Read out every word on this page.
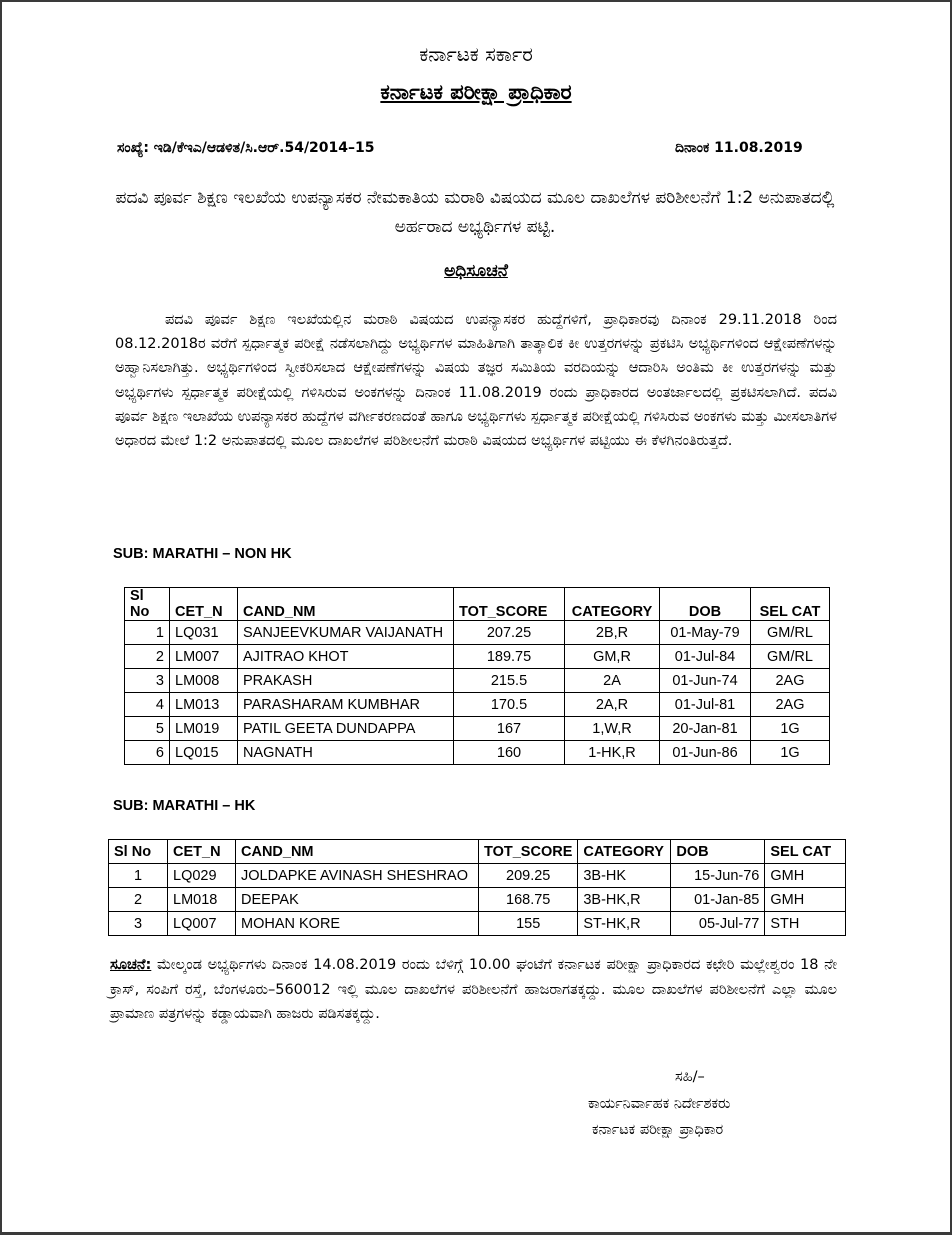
ಕರ್ನಾಟಕ ಸರ್ಕಾರ
ಕರ್ನಾಟಕ ಪರೀಕ್ಷಾ ಪ್ರಾಧಿಕಾರ
ಸಂಖ್ಯೆ: ಇಡಿ/ಕೆಇಎ/ಆಡಳಿತ/ಸಿ.ಆರ್.54/2014–15	ದಿನಾಂಕ 11.08.2019
ಪದವಿ ಪೂರ್ವ ಶಿಕ್ಷಣ ಇಲಖೆಯ ಉಪನ್ಯಾಸಕರ ನೇಮಕಾತಿಯ ಮರಾಠಿ ವಿಷಯದ ಮೂಲ ದಾಖಲೆಗಳ ಪರಿಶೀಲನೆಗೆ 1:2 ಅನುಪಾತದಲ್ಲಿ ಅರ್ಹರಾದ ಅಭ್ಯರ್ಥಿಗಳ ಪಟ್ಟಿ.
ಅಧಿಸೂಚನೆ
ಪದವಿ ಪೂರ್ವ ಶಿಕ್ಷಣ ಇಲಖೆಯಲ್ಲಿನ ಮರಾಠಿ ವಿಷಯದ ಉಪನ್ಯಾಸಕರ ಹುದ್ದೆಗಳಿಗೆ, ಪ್ರಾಧಿಕಾರವು ದಿನಾಂಕ 29.11.2018 ರಿಂದ 08.12.2018ರ ವರೆಗೆ ಸ್ಪರ್ಧಾತ್ಮಕ ಪರೀಕ್ಷೆ ನಡೆಸಲಾಗಿದ್ದು ಅಭ್ಯರ್ಥಿಗಳ ಮಾಹಿತಿಗಾಗಿ ತಾತ್ಕಾಲಿಕ ಕೀ ಉತ್ತರಗಳನ್ನು ಪ್ರಕಟಿಸಿ ಅಭ್ಯರ್ಥಿಗಳಿಂದ ಆಕ್ಷೇಪಣೆಗಳನ್ನು ಅಹ್ವಾನಿಸಲಾಗಿತ್ತು. ಅಭ್ಯರ್ಥಿಗಳಿಂದ ಸ್ವೀಕರಿಸಲಾದ ಆಕ್ಷೇಪಣೆಗಳನ್ನು ವಿಷಯ ತಜ್ಞರ ಸಮಿತಿಯ ವರದಿಯನ್ನು ಆದಾರಿಸಿ ಅಂತಿಮ ಕೀ ಉತ್ತರಗಳನ್ನು ಮತ್ತು ಅಭ್ಯರ್ಥಿಗಳು ಸ್ಪರ್ಧಾತ್ಮಕ ಪರೀಕ್ಷೆಯಲ್ಲಿ ಗಳಿಸಿರುವ ಅಂಕಗಳನ್ನು ದಿನಾಂಕ 11.08.2019 ರಂದು ಪ್ರಾಧಿಕಾರದ ಅಂತರ್ಜಾಲದಲ್ಲಿ ಪ್ರಕಟಿಸಲಾಗಿದೆ. ಪದವಿ ಪೂರ್ವ ಶಿಕ್ಷಣ ಇಲಾಖೆಯ ಉಪನ್ಯಾಸಕರ ಹುದ್ದೆಗಳ ವರ್ಗೀಕರಣದಂತೆ ಹಾಗೂ ಅಭ್ಯರ್ಥಿಗಳು ಸ್ಪರ್ಧಾತ್ಮಕ ಪರೀಕ್ಷೆಯಲ್ಲಿ ಗಳಿಸಿರುವ ಅಂಕಗಳು ಮತ್ತು ಮೀಸಲಾತಿಗಳ ಅಧಾರದ ಮೇಲೆ 1:2 ಅನುಪಾತದಲ್ಲಿ ಮೂಲ ದಾಖಲೆಗಳ ಪರಿಶೀಲನೆಗೆ ಮರಾಠಿ ವಿಷಯದ ಅಭ್ಯರ್ಥಿಗಳ ಪಟ್ಟಿಯು ಈ ಕೆಳಗಿನಂತಿರುತ್ತದೆ.
SUB: MARATHI – NON HK
Sl No	CET_N	CAND_NM	TOT_SCORE	CATEGORY	DOB	SEL CAT
1	LQ031	SANJEEVKUMAR VAIJANATH	207.25	2B,R	01-May-79	GM/RL
2	LM007	AJITRAO KHOT	189.75	GM,R	01-Jul-84	GM/RL
3	LM008	PRAKASH	215.5	2A	01-Jun-74	2AG
4	LM013	PARASHARAM KUMBHAR	170.5	2A,R	01-Jul-81	2AG
5	LM019	PATIL GEETA DUNDAPPA	167	1,W,R	20-Jan-81	1G
6	LQ015	NAGNATH	160	1-HK,R	01-Jun-86	1G
SUB: MARATHI – HK
Sl No	CET_N	CAND_NM	TOT_SCORE	CATEGORY	DOB	SEL CAT
1	LQ029	JOLDAPKE AVINASH SHESHRAO	209.25	3B-HK	15-Jun-76	GMH
2	LM018	DEEPAK	168.75	3B-HK,R	01-Jan-85	GMH
3	LQ007	MOHAN KORE	155	ST-HK,R	05-Jul-77	STH
ಸೂಚನೆ: ಮೇಲ್ಕಂಡ ಅಭ್ಯರ್ಥಿಗಳು ದಿನಾಂಕ 14.08.2019 ರಂದು ಬೆಳಿಗ್ಗೆ 10.00 ಘಂಟೆಗೆ ಕರ್ನಾಟಕ ಪರೀಕ್ಷಾ ಪ್ರಾಧಿಕಾರದ ಕಛೇರಿ ಮಲ್ಲೇಶ್ವರಂ 18 ನೇ ಕ್ರಾಸ್, ಸಂಪಿಗೆ ರಸ್ತೆ, ಬೆಂಗಳೂರು–560012 ಇಲ್ಲಿ ಮೂಲ ದಾಖಲೆಗಳ ಪರಿಶೀಲನೆಗೆ ಹಾಜರಾಗತಕ್ಕದ್ದು. ಮೂಲ ದಾಖಲೆಗಳ ಪರಿಶೀಲನೆಗೆ ಎಲ್ಲಾ ಮೂಲ ಪ್ರಾಮಾಣ ಪತ್ರಗಳನ್ನು ಕಡ್ಡಾಯವಾಗಿ ಹಾಜರು ಪಡಿಸತಕ್ಕದ್ದು.
ಸಹಿ/–
ಕಾರ್ಯನಿರ್ವಾಹಕ ನಿರ್ದೇಶಕರು
ಕರ್ನಾಟಕ ಪರೀಕ್ಷಾ ಪ್ರಾಧಿಕಾರ
